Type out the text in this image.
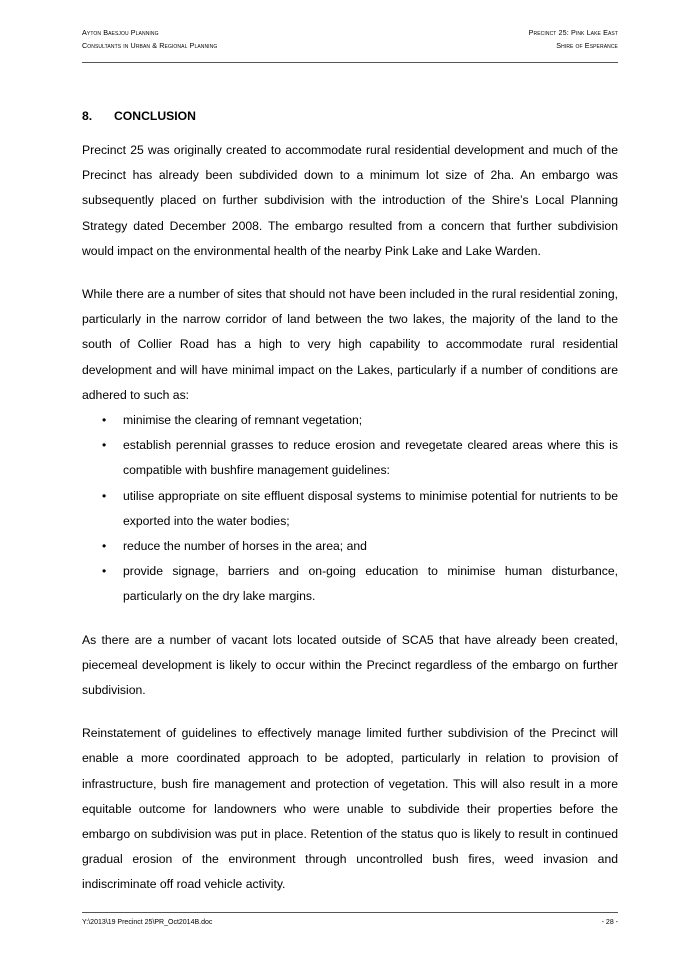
Ayton Baesjou Planning
Consultants in Urban & Regional Planning
Precinct 25: Pink Lake East
Shire of Esperance
8.	CONCLUSION

Precinct 25 was originally created to accommodate rural residential development and much of the Precinct has already been subdivided down to a minimum lot size of 2ha. An embargo was subsequently placed on further subdivision with the introduction of the Shire’s Local Planning Strategy dated December 2008. The embargo resulted from a concern that further subdivision would impact on the environmental health of the nearby Pink Lake and Lake Warden.

While there are a number of sites that should not have been included in the rural residential zoning, particularly in the narrow corridor of land between the two lakes, the majority of the land to the south of Collier Road has a high to very high capability to accommodate rural residential development and will have minimal impact on the Lakes, particularly if a number of conditions are adhered to such as:

• minimise the clearing of remnant vegetation;
• establish perennial grasses to reduce erosion and revegetate cleared areas where this is compatible with bushfire management guidelines:
• utilise appropriate on site effluent disposal systems to minimise potential for nutrients to be exported into the water bodies;
• reduce the number of horses in the area; and
• provide signage, barriers and on-going education to minimise human disturbance, particularly on the dry lake margins.

As there are a number of vacant lots located outside of SCA5 that have already been created, piecemeal development is likely to occur within the Precinct regardless of the embargo on further subdivision.

Reinstatement of guidelines to effectively manage limited further subdivision of the Precinct will enable a more coordinated approach to be adopted, particularly in relation to provision of infrastructure, bush fire management and protection of vegetation. This will also result in a more equitable outcome for landowners who were unable to subdivide their properties before the embargo on subdivision was put in place. Retention of the status quo is likely to result in continued gradual erosion of the environment through uncontrolled bush fires, weed invasion and indiscriminate off road vehicle activity.

Y:\2013\19 Precinct 25\PR_Oct2014B.doc	- 28 -
